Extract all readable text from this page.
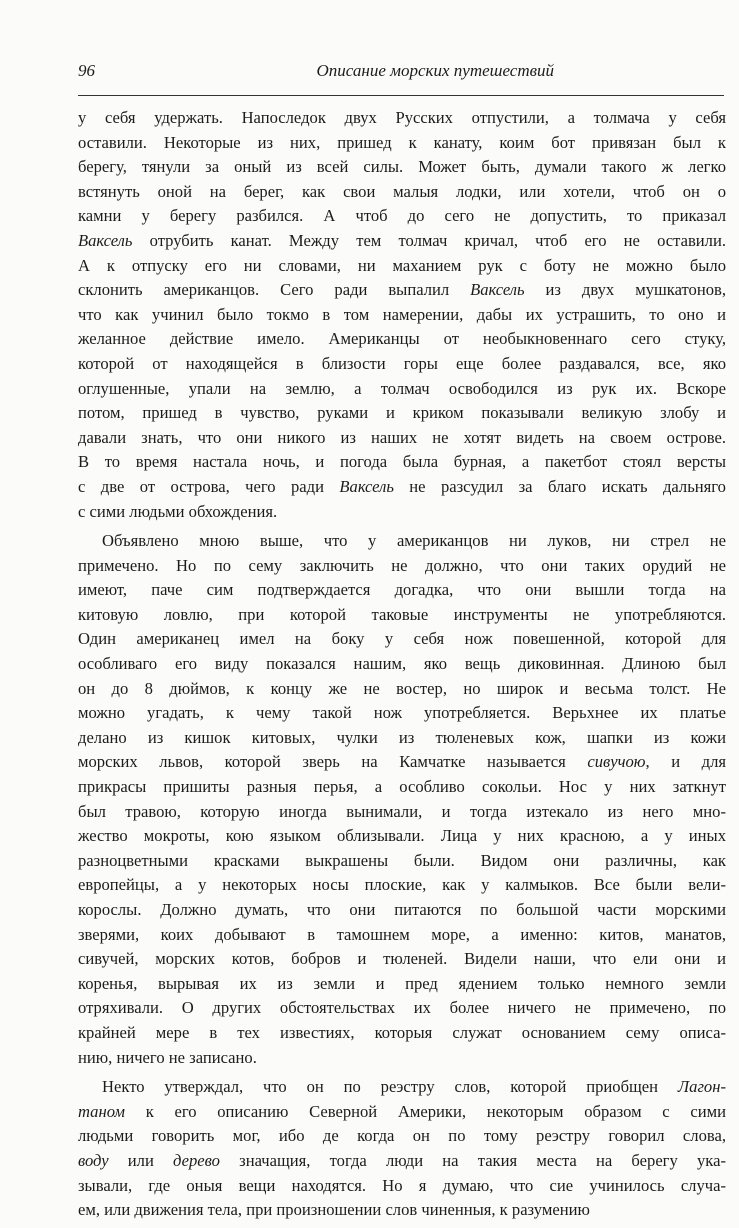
96	Описание морских путешествий
у себя удержать. Напоследок двух Русских отпустили, а толмача у себя
оставили. Некоторые из них, пришед к канату, коим бот привязан был к
берегу, тянули за оный из всей силы. Может быть, думали такого ж легко
встянуть оной на берег, как свои малыя лодки, или хотели, чтоб он о
камни у берегу разбился. А чтоб до сего не допустить, то приказал
Ваксель отрубить канат. Между тем толмач кричал, чтоб его не оставили.
А к отпуску его ни словами, ни маханием рук с боту не можно было
склонить американцов. Сего ради выпалил Ваксель из двух мушкатонов,
что как учинил было токмо в том намерении, дабы их устрашить, то оно и
желанное действие имело. Американцы от необыкновеннаго сего стуку,
которой от находящейся в близости горы еще более раздавался, все, яко
оглушенные, упали на землю, а толмач освободился из рук их. Вскоре
потом, пришед в чувство, руками и криком показывали великую злобу и
давали знать, что они никого из наших не хотят видеть на своем острове.
В то время настала ночь, и погода была бурная, а пакетбот стоял версты
с две от острова, чего ради Ваксель не разсудил за благо искать дальняго
с сими людьми обхождения.
Объявлено мною выше, что у американцов ни луков, ни стрел не
примечено. Но по сему заключить не должно, что они таких орудий не
имеют, паче сим подтверждается догадка, что они вышли тогда на
китовую ловлю, при которой таковые инструменты не употребляются.
Один американец имел на боку у себя нож повешенной, которой для
особливаго его виду показался нашим, яко вещь диковинная. Длиною был
он до 8 дюймов, к концу же не востер, но широк и весьма толст. Не
можно угадать, к чему такой нож употребляется. Верьхнее их платье
делано из кишок китовых, чулки из тюленевых кож, шапки из кожи
морских львов, которой зверь на Камчатке называется сивучою, и для
прикрасы пришиты разныя перья, а особливо сокольи. Нос у них заткнут
был травою, которую иногда вынимали, и тогда изтекало из него мно-
жество мокроты, кою языком облизывали. Лица у них красною, а у иных
разноцветными красками выкрашены были. Видом они различны, как
европейцы, а у некоторых носы плоские, как у калмыков. Все были вели-
корослы. Должно думать, что они питаются по большой части морскими
зверями, коих добывают в тамошнем море, а именно: китов, манатов,
сивучей, морских котов, бобров и тюленей. Видели наши, что ели они и
коренья, вырывая их из земли и пред ядением только немного земли
отряхивали. О других обстоятельствах их более ничего не примечено, по
крайней мере в тех известиях, которыя служат основанием сему описа-
нию, ничего не записано.
Некто утверждал, что он по реэстру слов, которой приобщен Лагон-
таном к его описанию Северной Америки, некоторым образом с сими
людьми говорить мог, ибо де когда он по тому реэстру говорил слова,
воду или дерево значащия, тогда люди на такия места на берегу ука-
зывали, где оныя вещи находятся. Но я думаю, что сие учинилось случа-
ем, или движения тела, при произношении слов чиненныя, к разумению
